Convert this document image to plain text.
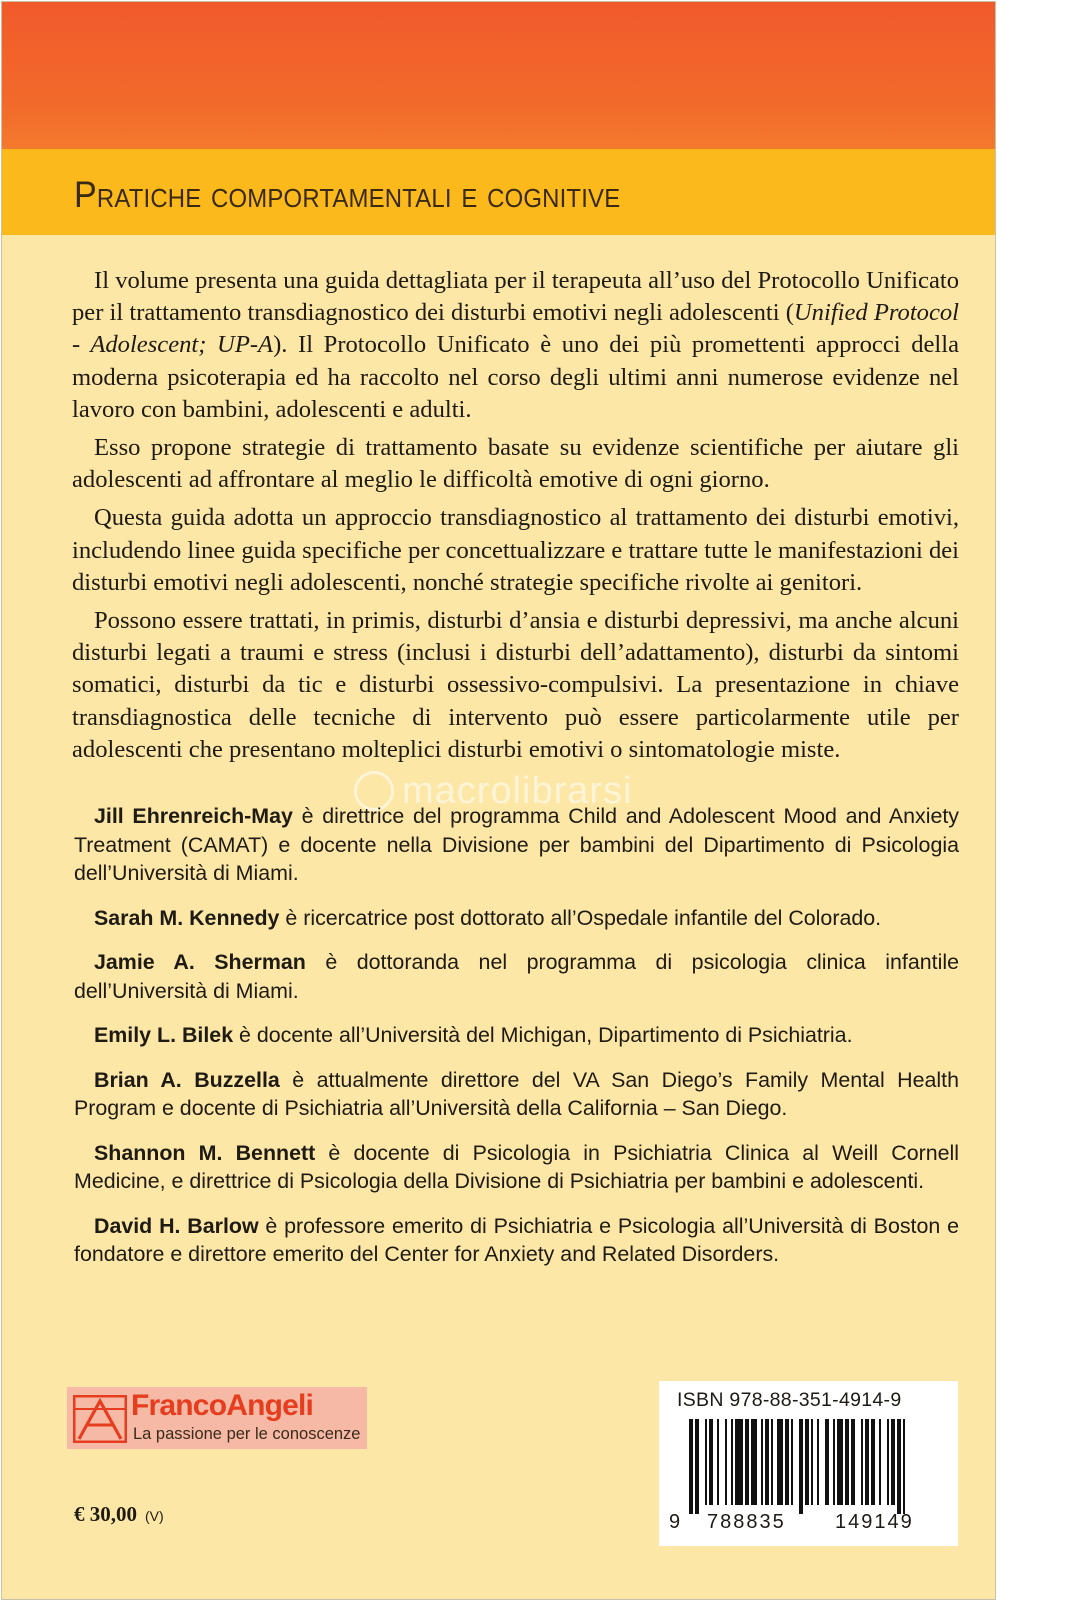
Pratiche comportamentali e cognitive

Il volume presenta una guida dettagliata per il terapeuta all’uso del Protocollo Unificato per il trattamento transdiagnostico dei disturbi emotivi negli adolescenti (Unified Protocol - Adolescent; UP-A). Il Protocollo Unificato è uno dei più promettenti approcci della moderna psicoterapia ed ha raccolto nel corso degli ultimi anni numerose evidenze nel lavoro con bambini, adolescenti e adulti.

Esso propone strategie di trattamento basate su evidenze scientifiche per aiutare gli adolescenti ad affrontare al meglio le difficoltà emotive di ogni giorno.

Questa guida adotta un approccio transdiagnostico al trattamento dei disturbi emotivi, includendo linee guida specifiche per concettualizzare e trattare tutte le manifestazioni dei disturbi emotivi negli adolescenti, nonché strategie specifiche rivolte ai genitori.

Possono essere trattati, in primis, disturbi d’ansia e disturbi depressivi, ma anche alcuni disturbi legati a traumi e stress (inclusi i disturbi dell’adattamento), disturbi da sintomi somatici, disturbi da tic e disturbi ossessivo-compulsivi. La presentazione in chiave transdiagnostica delle tecniche di intervento può essere particolarmente utile per adolescenti che presentano molteplici disturbi emotivi o sintomatologie miste.

macrolibrarsi

Jill Ehrenreich-May è direttrice del programma Child and Adolescent Mood and Anxiety Treatment (CAMAT) e docente nella Divisione per bambini del Dipartimento di Psicologia dell’Università di Miami.

Sarah M. Kennedy è ricercatrice post dottorato all’Ospedale infantile del Colorado.

Jamie A. Sherman è dottoranda nel programma di psicologia clinica infantile dell’Università di Miami.

Emily L. Bilek è docente all’Università del Michigan, Dipartimento di Psichiatria.

Brian A. Buzzella è attualmente direttore del VA San Diego’s Family Mental Health Program e docente di Psichiatria all’Università della California – San Diego.

Shannon M. Bennett è docente di Psicologia in Psichiatria Clinica al Weill Cornell Medicine, e direttrice di Psicologia della Divisione di Psichiatria per bambini e adolescenti.

David H. Barlow è professore emerito di Psichiatria e Psicologia all’Università di Boston e fondatore e direttore emerito del Center for Anxiety and Related Disorders.

FrancoAngeli
La passione per le conoscenze
€ 30,00 (V)
ISBN 978-88-351-4914-9
9 788835 149149
